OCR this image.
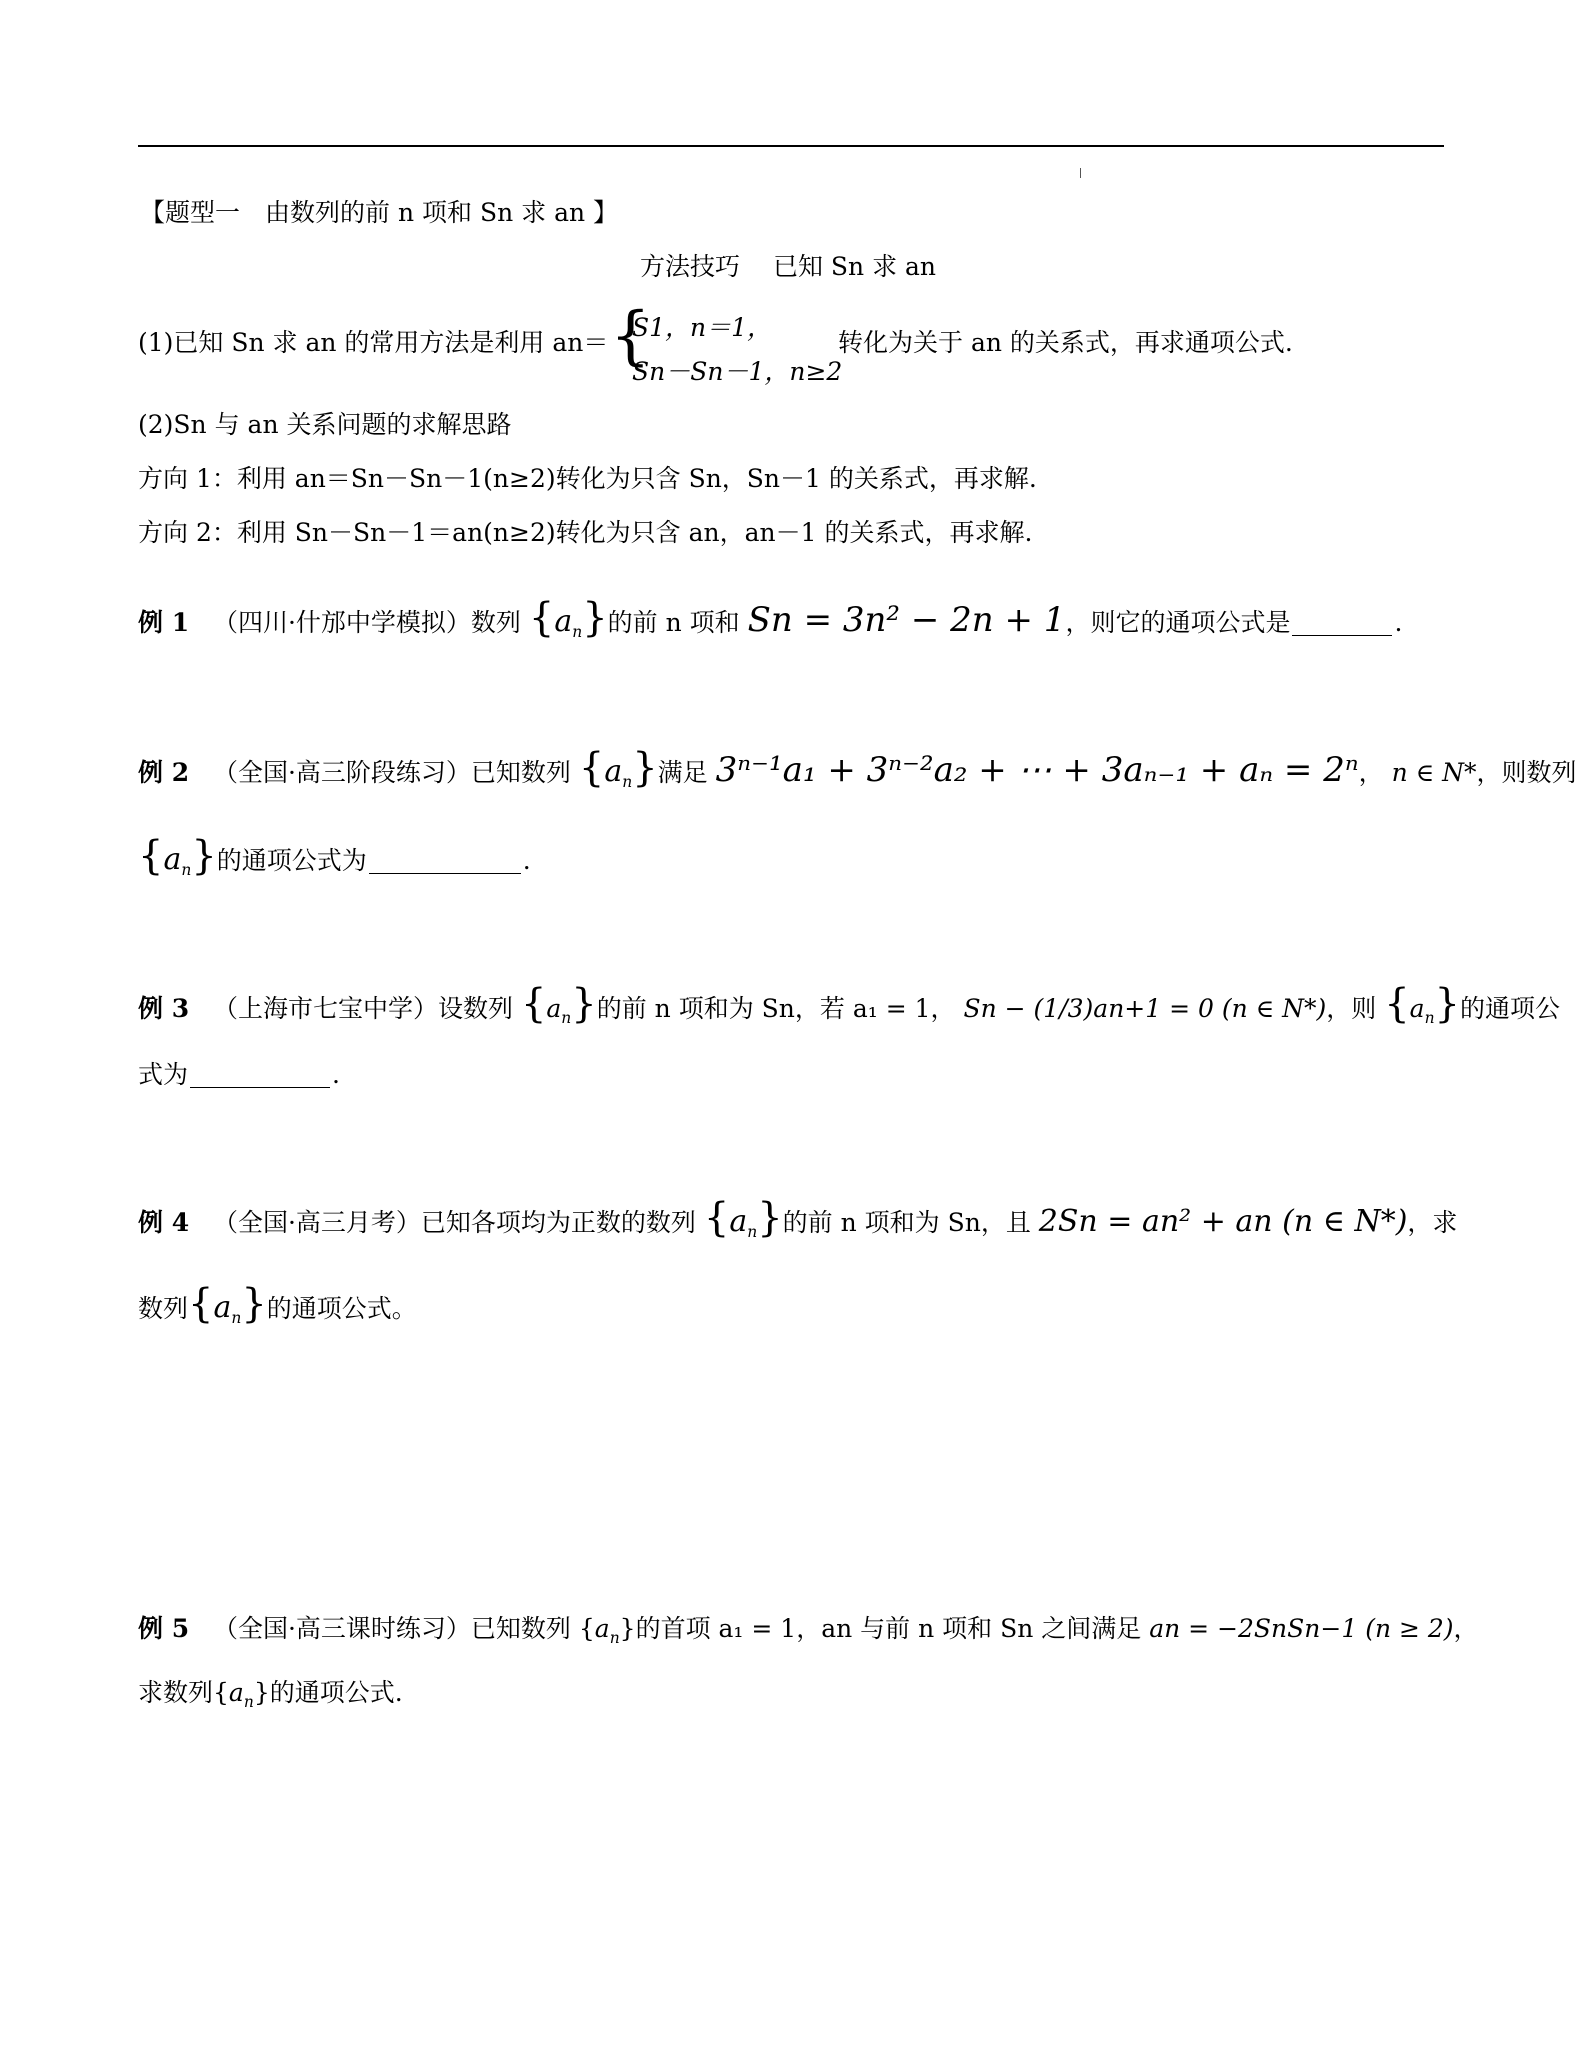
【题型一　由数列的前 n 项和 Sn 求 an 】
方法技巧　 已知 Sn 求 an
(1)已知 Sn 求 an 的常用方法是利用 an＝ {
S1，n＝1，
Sn－Sn－1，n≥2
转化为关于 an 的关系式，再求通项公式.
(2)Sn 与 an 关系问题的求解思路
方向 1：利用 an＝Sn－Sn－1(n≥2)转化为只含 Sn，Sn－1 的关系式，再求解.
方向 2：利用 Sn－Sn－1＝an(n≥2)转化为只含 an，an－1 的关系式，再求解.
例 1 （四川·什邡中学模拟）数列 $\{a_n\}$的前 n 项和 Sn = 3n² − 2n + 1，则它的通项公式是	.
例 2 （全国·高三阶段练习）已知数列 $\{a_n\}$满足 3ⁿ⁻¹a₁ + 3ⁿ⁻²a₂ + ⋯ + 3aₙ₋₁ + aₙ = 2ⁿ， n ∈ N*，则数列
$\{a_n\}$的通项公式为	.
例 3 （上海市七宝中学）设数列 $\{a_n\}$的前 n 项和为 Sn，若 a₁ = 1， Sn − (1/3)an+1 = 0 (n ∈ N*)，则 $\{a_n\}$的通项公
式为	.
例 4 （全国·高三月考）已知各项均为正数的数列 $\{a_n\}$的前 n 项和为 Sn，且 2Sn = an² + an (n ∈ N*)，求
数列$\{a_n\}$的通项公式。
例 5 （全国·高三课时练习）已知数列 $\{a_n\}$的首项 a₁ = 1，an 与前 n 项和 Sn 之间满足 an = −2SnSn−1 (n ≥ 2)，
求数列$\{a_n\}$的通项公式.
